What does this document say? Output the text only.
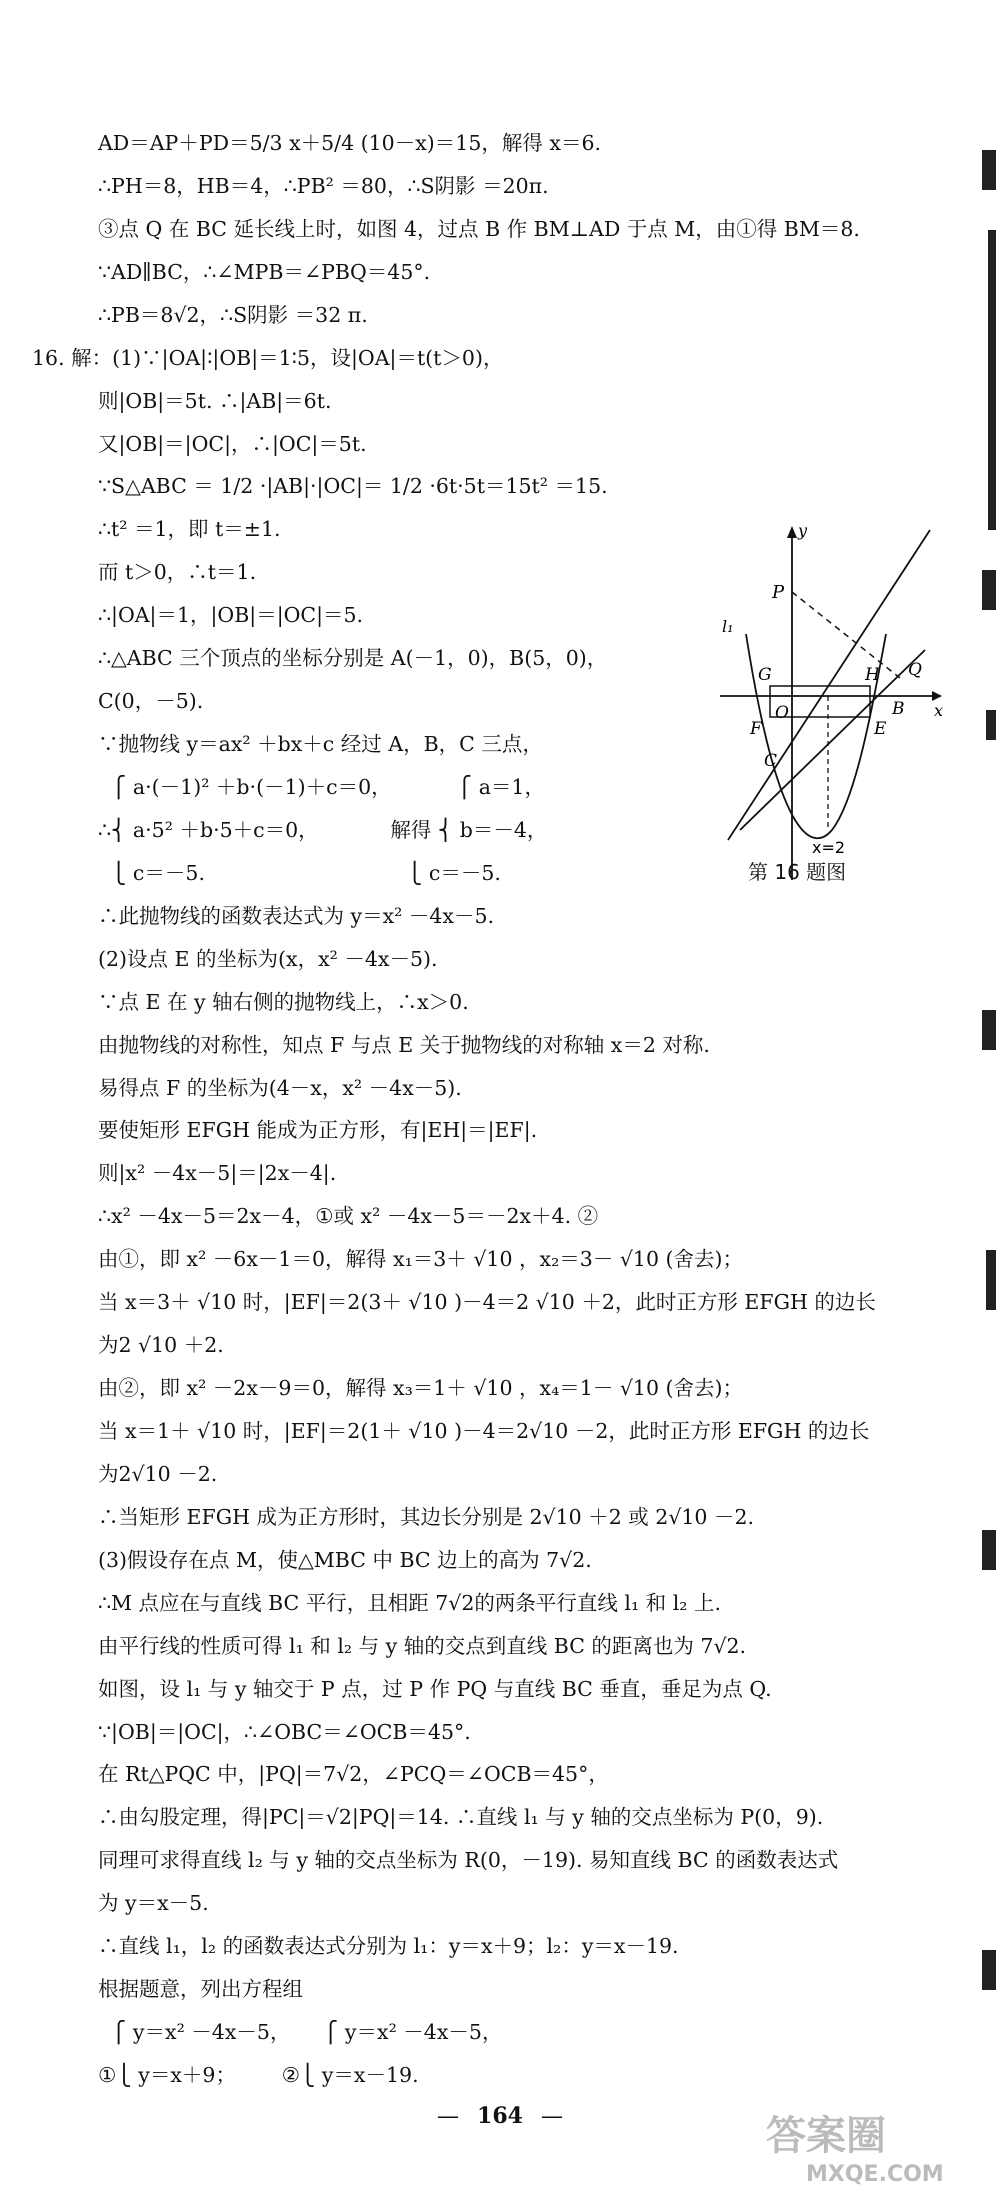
AD＝AP＋PD＝5/3 x＋5/4 (10－x)＝15，解得 x＝6.
∴PH＝8，HB＝4，∴PB² ＝80，∴S阴影 ＝20π.
③点 Q 在 BC 延长线上时，如图 4，过点 B 作 BM⊥AD 于点 M，由①得 BM＝8.
∵AD∥BC，∴∠MPB＝∠PBQ＝45°.
∴PB＝8√2，∴S阴影 ＝32 π.
16. 解：(1)∵|OA|∶|OB|＝1∶5，设|OA|＝t(t＞0)，
则|OB|＝5t. ∴|AB|＝6t.
又|OB|＝|OC|，∴|OC|＝5t.
∵S△ABC ＝ 1/2 ·|AB|·|OC|＝ 1/2 ·6t·5t＝15t² ＝15.
∴t² ＝1，即 t＝±1.
而 t＞0，∴t＝1.
∴|OA|＝1，|OB|＝|OC|＝5.
∴△ABC 三个顶点的坐标分别是 A(－1，0)，B(5，0)，
C(0，－5).
∵抛物线 y＝ax² ＋bx＋c 经过 A，B，C 三点，
⎧ a·(－1)² ＋b·(－1)＋c＝0，          ⎧ a＝1，
∴⎨ a·5² ＋b·5＋c＝0，           解得 ⎨ b＝－4，
⎩ c＝－5.                               ⎩ c＝－5.
∴此抛物线的函数表达式为 y＝x² －4x－5.
(2)设点 E 的坐标为(x，x² －4x－5).
∵点 E 在 y 轴右侧的抛物线上，∴x＞0.
由抛物线的对称性，知点 F 与点 E 关于抛物线的对称轴 x＝2 对称.
易得点 F 的坐标为(4－x，x² －4x－5).
要使矩形 EFGH 能成为正方形，有|EH|＝|EF|.
则|x² －4x－5|＝|2x－4|.
∴x² －4x－5＝2x－4，①或 x² －4x－5＝－2x＋4. ②
由①，即 x² －6x－1＝0，解得 x₁＝3＋ √10 ，x₂＝3－ √10 (舍去)；
当 x＝3＋ √10 时，|EF|＝2(3＋ √10 )－4＝2 √10 ＋2，此时正方形 EFGH 的边长
为2 √10 ＋2.
由②，即 x² －2x－9＝0，解得 x₃＝1＋ √10 ，x₄＝1－ √10 (舍去)；
当 x＝1＋ √10 时，|EF|＝2(1＋ √10 )－4＝2√10 －2，此时正方形 EFGH 的边长
为2√10 －2.
∴当矩形 EFGH 成为正方形时，其边长分别是 2√10 ＋2 或 2√10 －2.
(3)假设存在点 M，使△MBC 中 BC 边上的高为 7√2.
∴M 点应在与直线 BC 平行，且相距 7√2的两条平行直线 l₁ 和 l₂ 上.
由平行线的性质可得 l₁ 和 l₂ 与 y 轴的交点到直线 BC 的距离也为 7√2.
如图，设 l₁ 与 y 轴交于 P 点，过 P 作 PQ 与直线 BC 垂直，垂足为点 Q.
∵|OB|＝|OC|，∴∠OBC＝∠OCB＝45°.
在 Rt△PQC 中，|PQ|＝7√2，∠PCQ＝∠OCB＝45°，
∴由勾股定理，得|PC|＝√2|PQ|＝14. ∴直线 l₁ 与 y 轴的交点坐标为 P(0，9).
同理可求得直线 l₂ 与 y 轴的交点坐标为 R(0，－19). 易知直线 BC 的函数表达式
为 y＝x－5.
∴直线 l₁，l₂ 的函数表达式分别为 l₁：y＝x＋9；l₂：y＝x－19.
根据题意，列出方程组
⎧ y＝x² －4x－5，     ⎧ y＝x² －4x－5，
①⎩ y＝x＋9；       ②⎩ y＝x－19.
y
x
P
l₁
G
O
H
B
Q
F	E
C
x=2
第 16 题图
— 164 —	答案圈
MXQE.COM
